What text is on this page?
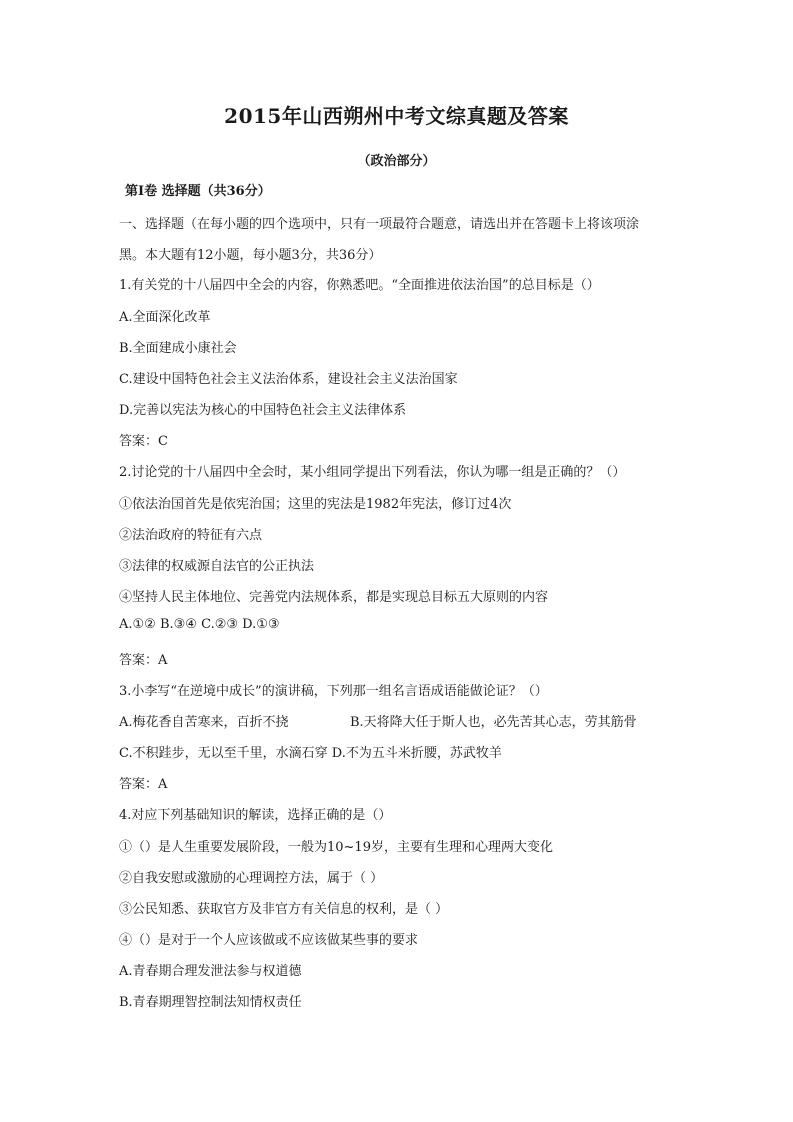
2015年山西朔州中考文综真题及答案
（政治部分）
第Ⅰ卷 选择题（共36分）
一、选择题（在每小题的四个选项中，只有一项最符合题意，请选出并在答题卡上将该项涂
黑。本大题有12小题，每小题3分，共36分）
1.有关党的十八届四中全会的内容，你熟悉吧。“全面推进依法治国”的总目标是（）
A.全面深化改革
B.全面建成小康社会
C.建设中国特色社会主义法治体系，建设社会主义法治国家
D.完善以宪法为核心的中国特色社会主义法律体系
答案：C
2.讨论党的十八届四中全会时，某小组同学提出下列看法，你认为哪一组是正确的？（）
①依法治国首先是依宪治国；这里的宪法是1982年宪法，修订过4次
②法治政府的特征有六点
③法律的权威源自法官的公正执法
④坚持人民主体地位、完善党内法规体系，都是实现总目标五大原则的内容
A.①② B.③④ C.②③ D.①③
答案：A
3.小李写“在逆境中成长”的演讲稿，下列那一组名言语成语能做论证？（）
A.梅花香自苦寒来，百折不挠	B.天将降大任于斯人也，必先苦其心志，劳其筋骨
C.不积跬步，无以至千里，水滴石穿 D.不为五斗米折腰，苏武牧羊
答案：A
4.对应下列基础知识的解读，选择正确的是（）
①（）是人生重要发展阶段，一般为10~19岁，主要有生理和心理两大变化
②自我安慰或激励的心理调控方法，属于（ ）
③公民知悉、获取官方及非官方有关信息的权利，是（ ）
④（）是对于一个人应该做或不应该做某些事的要求
A.青春期合理发泄法参与权道德
B.青春期理智控制法知情权责任
